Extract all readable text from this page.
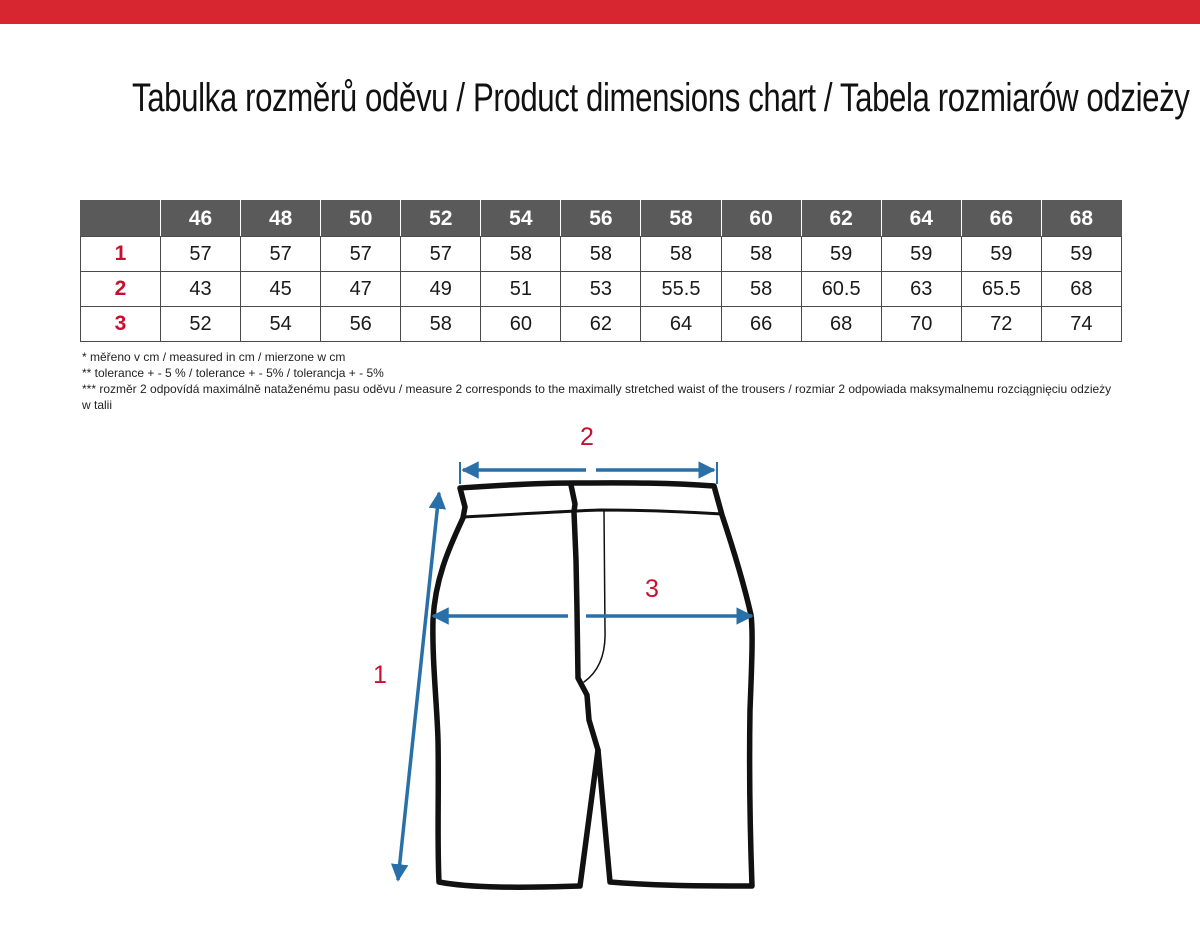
Tabulka rozměrů oděvu / Product dimensions chart / Tabela rozmiarów odzieży
	46	48	50	52	54	56	58	60	62	64	66	68
1	57	57	57	57	58	58	58	58	59	59	59	59
2	43	45	47	49	51	53	55.5	58	60.5	63	65.5	68
3	52	54	56	58	60	62	64	66	68	70	72	74
* měřeno v cm / measured in cm / mierzone w cm
** tolerance + - 5 % / tolerance + - 5% / tolerancja + - 5%
*** rozměr 2 odpovídá maximálně nataženému pasu oděvu / measure 2 corresponds to the maximally stretched waist of the trousers / rozmiar 2 odpowiada maksymalnemu rozciągnięciu odzieży w talii
1
2
3
